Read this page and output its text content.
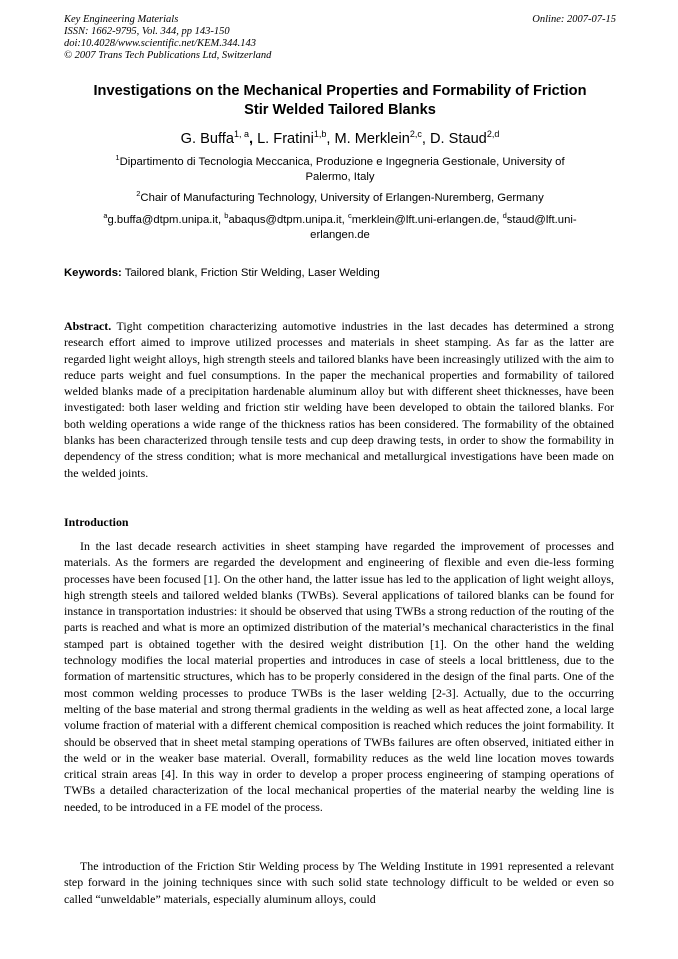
Key Engineering Materials
ISSN: 1662-9795, Vol. 344, pp 143-150
doi:10.4028/www.scientific.net/KEM.344.143
© 2007 Trans Tech Publications Ltd, Switzerland
Online: 2007-07-15
Investigations on the Mechanical Properties and Formability of Friction
Stir Welded Tailored Blanks
G. Buffa$^{1, a}$, L. Fratini$^{1,b}$, M. Merklein$^{2,c}$, D. Staud$^{2,d}$
$^1$Dipartimento di Tecnologia Meccanica, Produzione e Ingegneria Gestionale, University of
Palermo, Italy
$^2$Chair of Manufacturing Technology, University of Erlangen-Nuremberg, Germany
$^a$g.buffa@dtpm.unipa.it, $^b$abaqus@dtpm.unipa.it, $^c$merklein@lft.uni-erlangen.de, $^d$staud@lft.uni-
erlangen.de
Keywords: Tailored blank, Friction Stir Welding, Laser Welding

Abstract. Tight competition characterizing automotive industries in the last decades has determined a strong research effort aimed to improve utilized processes and materials in sheet stamping. As far as the latter are regarded light weight alloys, high strength steels and tailored blanks have been increasingly utilized with the aim to reduce parts weight and fuel consumptions. In the paper the mechanical properties and formability of tailored welded blanks made of a precipitation hardenable aluminum alloy but with different sheet thicknesses, have been investigated: both laser welding and friction stir welding have been developed to obtain the tailored blanks. For both welding operations a wide range of the thickness ratios has been considered. The formability of the obtained blanks has been characterized through tensile tests and cup deep drawing tests, in order to show the formability in dependency of the stress condition; what is more mechanical and metallurgical investigations have been made on the welded joints.

Introduction

In the last decade research activities in sheet stamping have regarded the improvement of processes and materials. As the formers are regarded the development and engineering of flexible and even die-less forming processes have been focused [1]. On the other hand, the latter issue has led to the application of light weight alloys, high strength steels and tailored welded blanks (TWBs). Several applications of tailored blanks can be found for instance in transportation industries: it should be observed that using TWBs a strong reduction of the routing of the parts is reached and what is more an optimized distribution of the material’s mechanical characteristics in the final stamped part is obtained together with the desired weight distribution [1]. On the other hand the welding technology modifies the local material properties and introduces in case of steels a local brittleness, due to the formation of martensitic structures, which has to be properly considered in the design of the final parts. One of the most common welding processes to produce TWBs is the laser welding [2-3]. Actually, due to the occurring melting of the base material and strong thermal gradients in the welding as well as heat affected zone, a local large volume fraction of material with a different chemical composition is reached which reduces the joint formability. It should be observed that in sheet metal stamping operations of TWBs failures are often observed, initiated either in the weld or in the weaker base material. Overall, formability reduces as the weld line location moves towards critical strain areas [4]. In this way in order to develop a proper process engineering of stamping operations of TWBs a detailed characterization of the local mechanical properties of the material nearby the welding line is needed, to be introduced in a FE model of the process.

The introduction of the Friction Stir Welding process by The Welding Institute in 1991 represented a relevant step forward in the joining techniques since with such solid state technology difficult to be welded or even so called “unweldable” materials, especially aluminum alloys, could
